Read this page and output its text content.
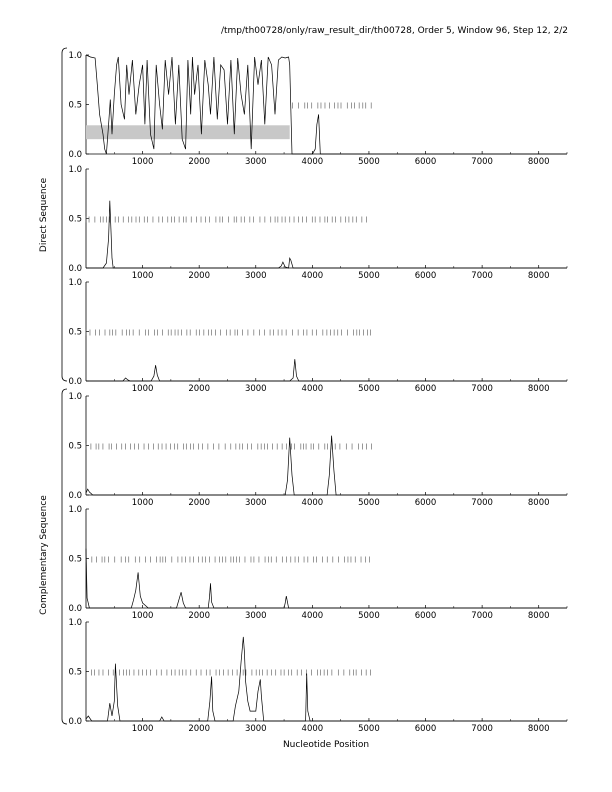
/tmp/th00728/only/raw_result_dir/th00728, Order 5, Window 96, Step 12, 2/2
0.0
0.5
1.0
1000	2000	3000	4000	5000	6000	7000	8000
0.0
0.5
1.0
1000	2000	3000	4000	5000	6000	7000	8000
0.0
0.5
1.0
1000	2000	3000	4000	5000	6000	7000	8000
0.0
0.5
1.0
1000	2000	3000	4000	5000	6000	7000	8000
0.0
0.5
1.0
1000	2000	3000	4000	5000	6000	7000	8000
0.0
0.5
1.0
1000	2000	3000	4000	5000	6000	7000	8000
Nucleotide Position
Direct Sequence
Complementary Sequence
